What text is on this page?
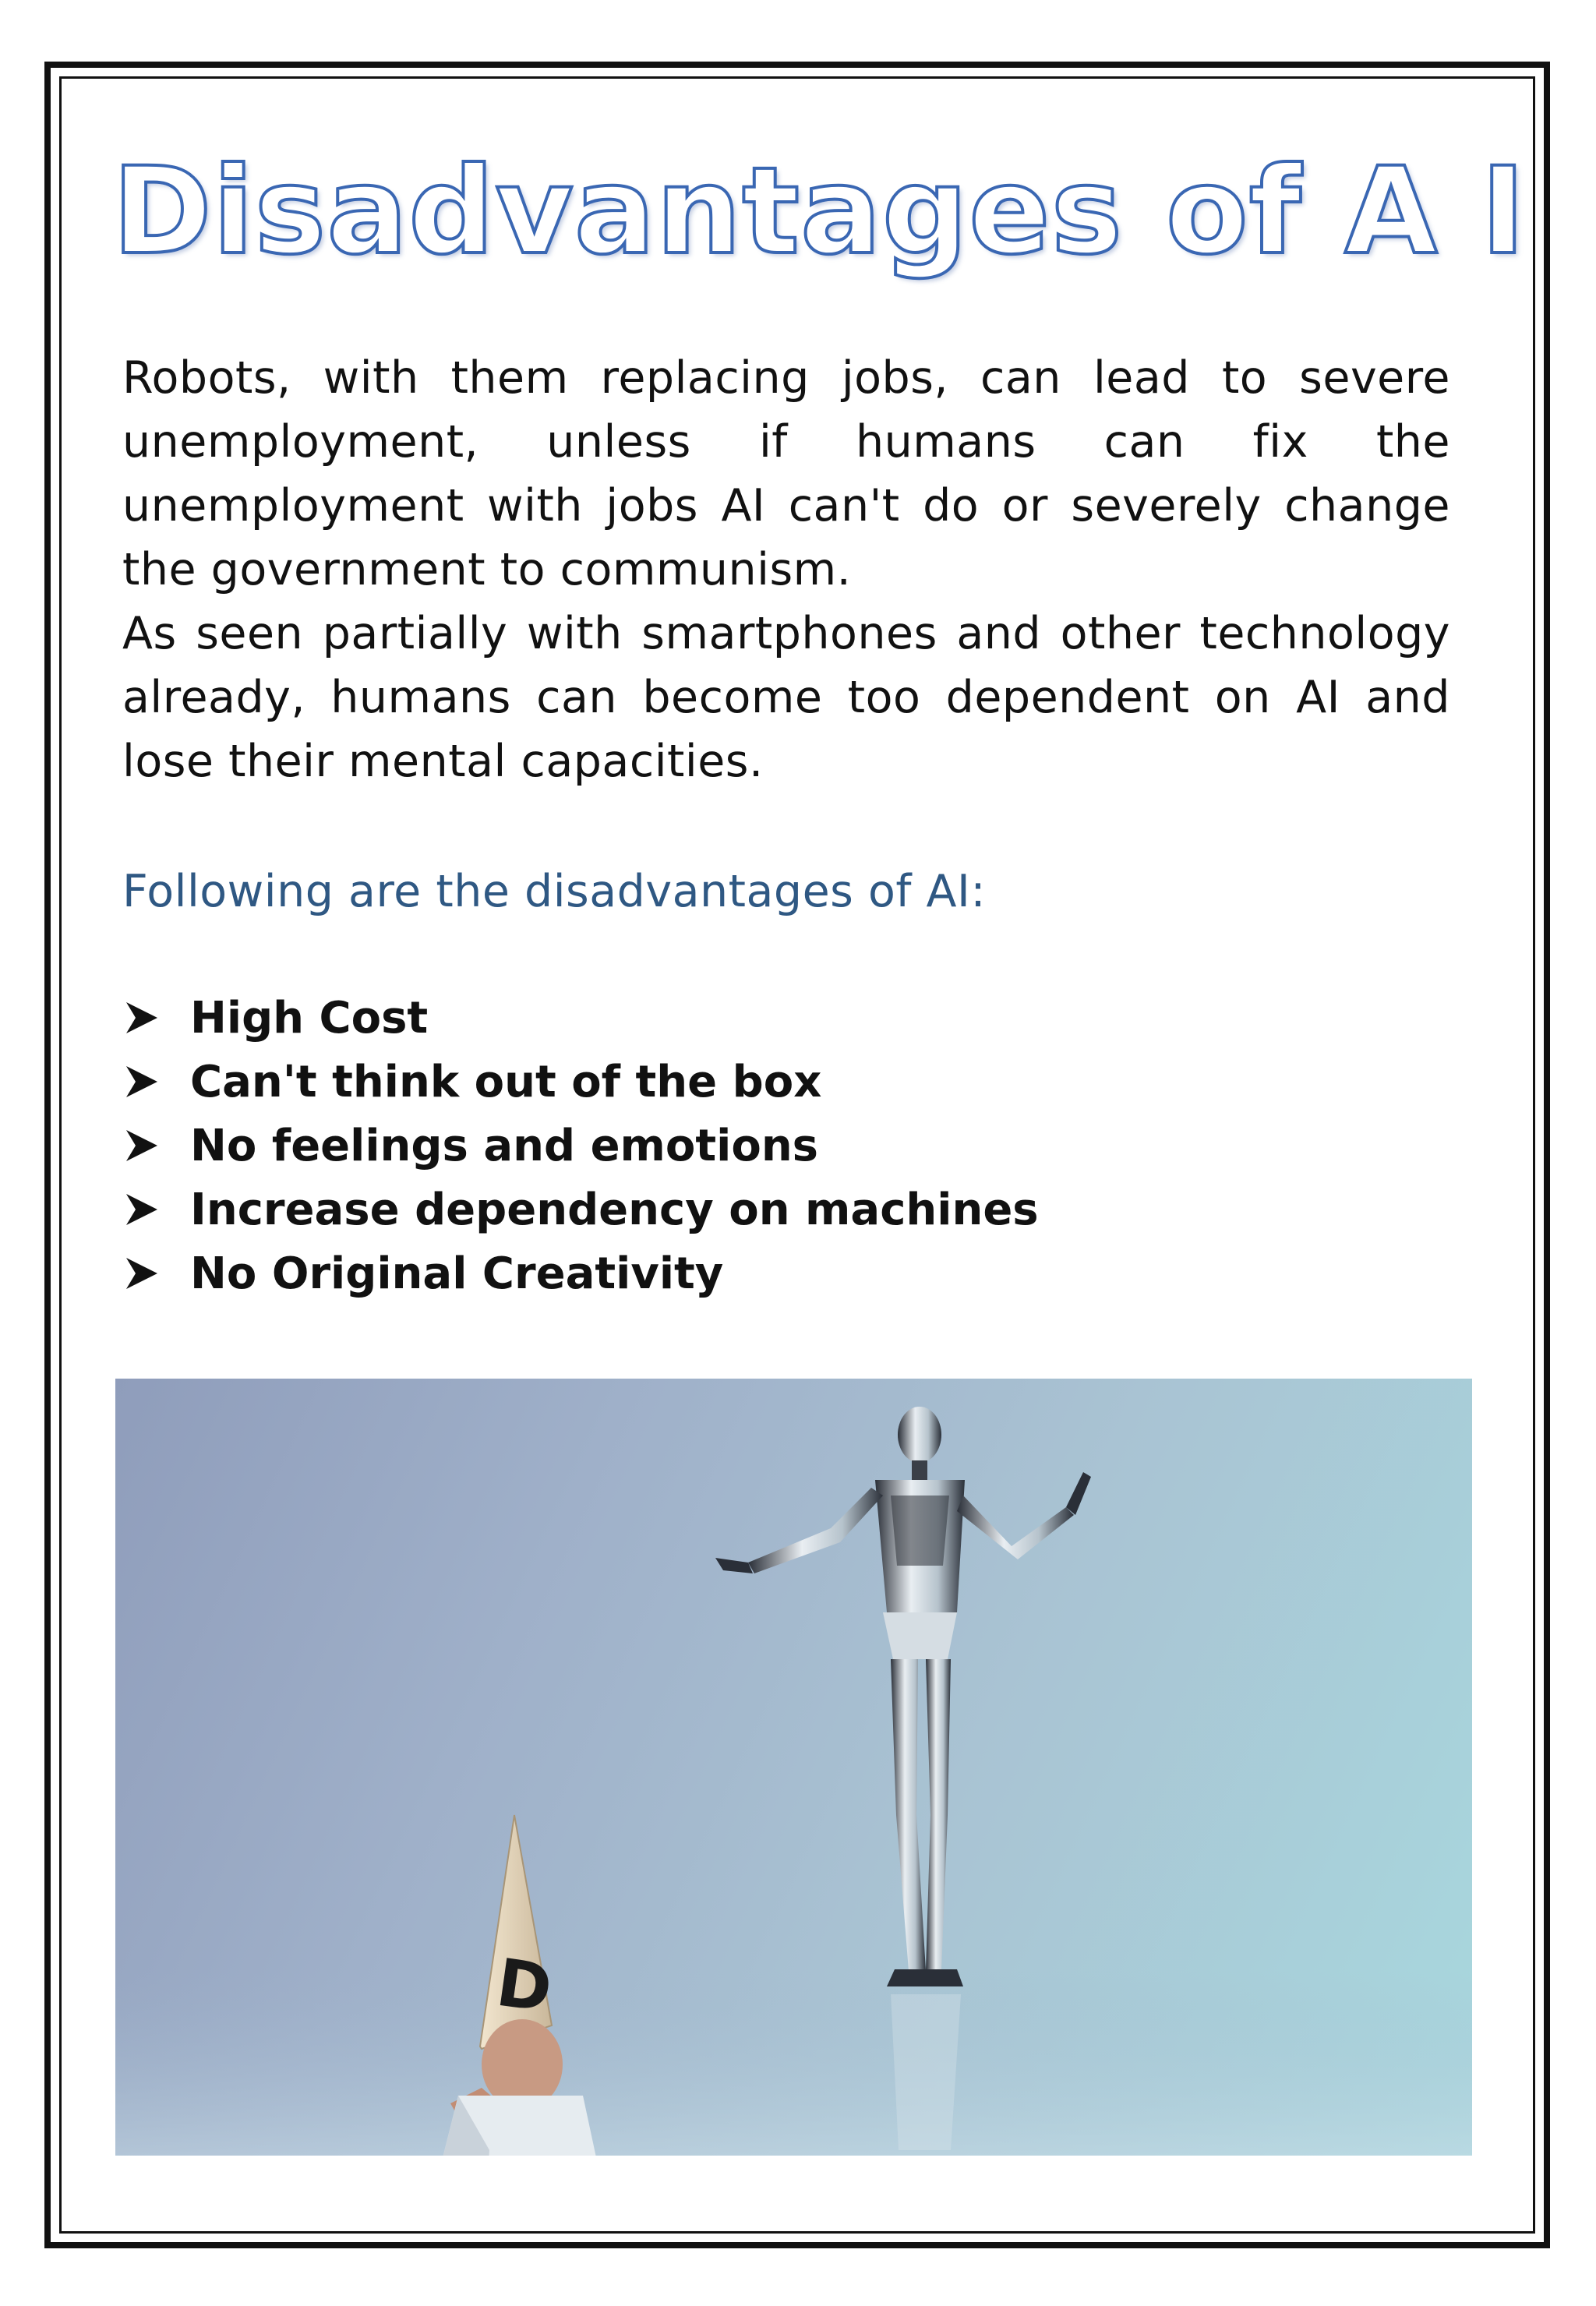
Disadvantages of A I
Robots, with them replacing jobs, can lead to severe unemployment, unless if humans can fix the unemployment with jobs AI can't do or severely change the government to communism.
As seen partially with smartphones and other technology already, humans can become too dependent on AI and lose their mental capacities.

Following are the disadvantages of AI:

High Cost
Can't think out of the box
No feelings and emotions
Increase dependency on machines
No Original Creativity
D
